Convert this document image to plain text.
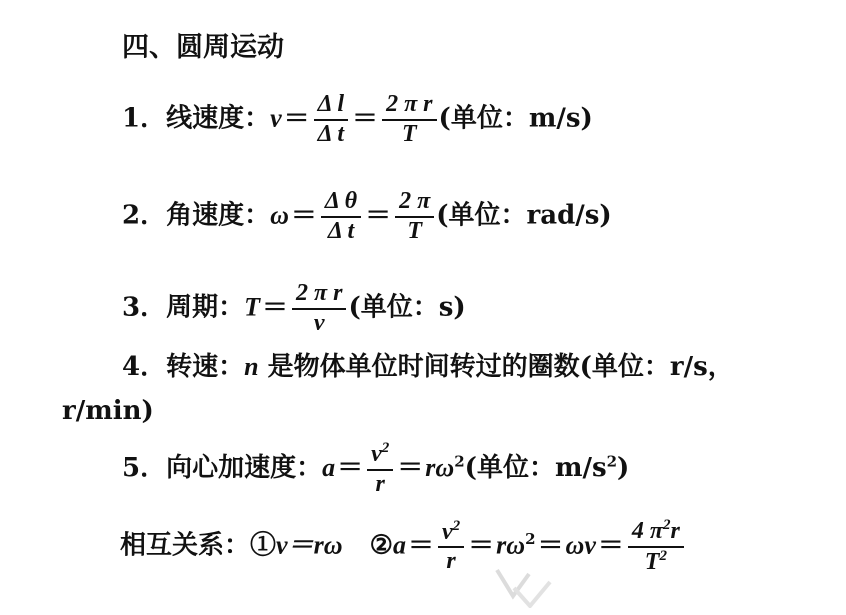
四、圆周运动
1．线速度：$v= \frac{\text{Δ l}}{\text{Δ t}} = \frac{\text{2 π r}}{T}$ (单位：m/s)
2．角速度：$\omega= \frac{\text{Δ θ}}{\text{Δ t}} = \frac{2 \pi}{T}$ (单位：rad/s)
3．周期：$T= \frac{\text{2 π r}}{v}$ (单位：s)
4．转速：n 是物体单位时间转过的圈数(单位：r/s，
r/min)
5．向心加速度：$a= \frac{v^2}{r} =r\omega^2$(单位：$m/s^2$)
相互关系：①v＝rω ②a＝ $\frac{v^2}{r} =r\omega^2=\omega v= \frac{4 \pi^2r}{T^2}$
